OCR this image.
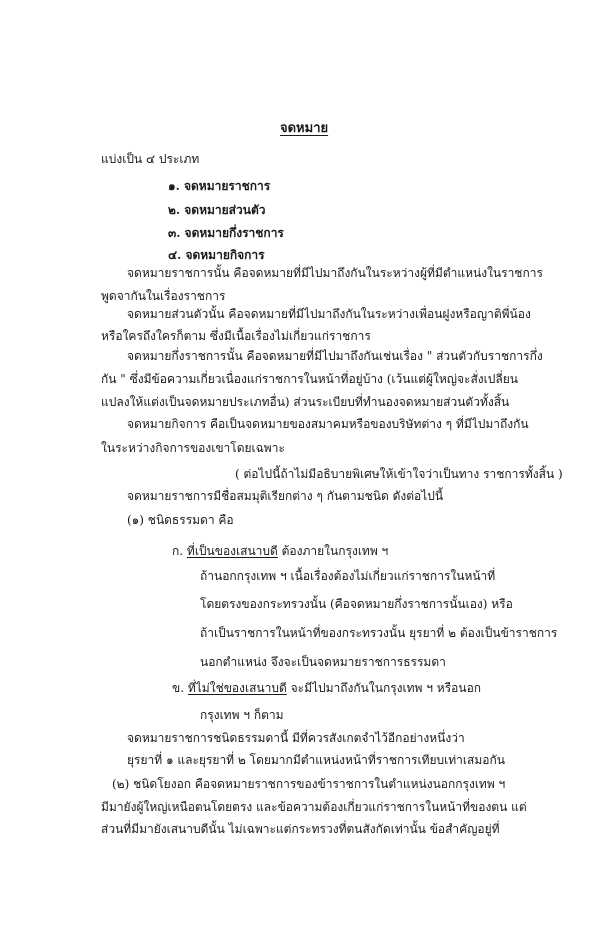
จดหมาย
แบ่งเป็น ๔ ประเภท
๑. จดหมายราชการ
๒. จดหมายส่วนตัว
๓. จดหมายกึ่งราชการ
๔. จดหมายกิจการ
จดหมายราชการนั้น คือจดหมายที่มีไปมาถึงกันในระหว่างผู้ที่มีตำแหน่งในราชการ
พูดจากันในเรื่องราชการ
จดหมายส่วนตัวนั้น คือจดหมายที่มีไปมาถึงกันในระหว่างเพื่อนฝูงหรือญาติพี่น้อง
หรือใครถึงใครก็ตาม ซึ่งมีเนื้อเรื่องไม่เกี่ยวแก่ราชการ
จดหมายกึ่งราชการนั้น คือจดหมายที่มีไปมาถึงกันเช่นเรื่อง " ส่วนตัวกับราชการกึ่ง
กัน " ซึ่งมีข้อความเกี่ยวเนื่องแก่ราชการในหน้าที่อยู่บ้าง (เว้นแต่ผู้ใหญ่จะสั่งเปลี่ยน
แปลงให้แต่งเป็นจดหมายประเภทอื่น) ส่วนระเบียบที่ทำนองจดหมายส่วนตัวทั้งสิ้น
จดหมายกิจการ คือเป็นจดหมายของสมาคมหรือของบริษัทต่าง ๆ ที่มีไปมาถึงกัน
ในระหว่างกิจการของเขาโดยเฉพาะ
( ต่อไปนี้ถ้าไม่มีอธิบายพิเศษให้เข้าใจว่าเป็นทาง ราชการทั้งสิ้น )
จดหมายราชการมีชื่อสมมุติเรียกต่าง ๆ กันตามชนิด ดังต่อไปนี้
(๑) ชนิดธรรมดา คือ
ก. ที่เป็นของเสนาบดี ต้องภายในกรุงเทพ ฯ
ถ้านอกกรุงเทพ ฯ เนื้อเรื่องต้องไม่เกี่ยวแก่ราชการในหน้าที่
โดยตรงของกระทรวงนั้น (คือจดหมายกึ่งราชการนั้นเอง) หรือ
ถ้าเป็นราชการในหน้าที่ของกระทรวงนั้น ยุรยาที่ ๒ ต้องเป็นข้าราชการ
นอกตำแหน่ง จึงจะเป็นจดหมายราชการธรรมดา
ข. ที่ไม่ใช่ของเสนาบดี จะมีไปมาถึงกันในกรุงเทพ ฯ หรือนอก
กรุงเทพ ฯ ก็ตาม
จดหมายราชการชนิดธรรมดานี้ มีที่ควรสังเกตจำไว้อีกอย่างหนึ่งว่า
ยุรยาที่ ๑ และยุรยาที่ ๒ โดยมากมีตำแหน่งหน้าที่ราชการเทียบเท่าเสมอกัน
(๒) ชนิดโยงอก คือจดหมายราชการของข้าราชการในตำแหน่งนอกกรุงเทพ ฯ
มีมายังผู้ใหญ่เหนือตนโดยตรง และข้อความต้องเกี่ยวแก่ราชการในหน้าที่ของตน แต่
ส่วนที่มีมายังเสนาบดีนั้น ไม่เฉพาะแต่กระทรวงที่ตนสังกัดเท่านั้น ข้อสำคัญอยู่ที่
